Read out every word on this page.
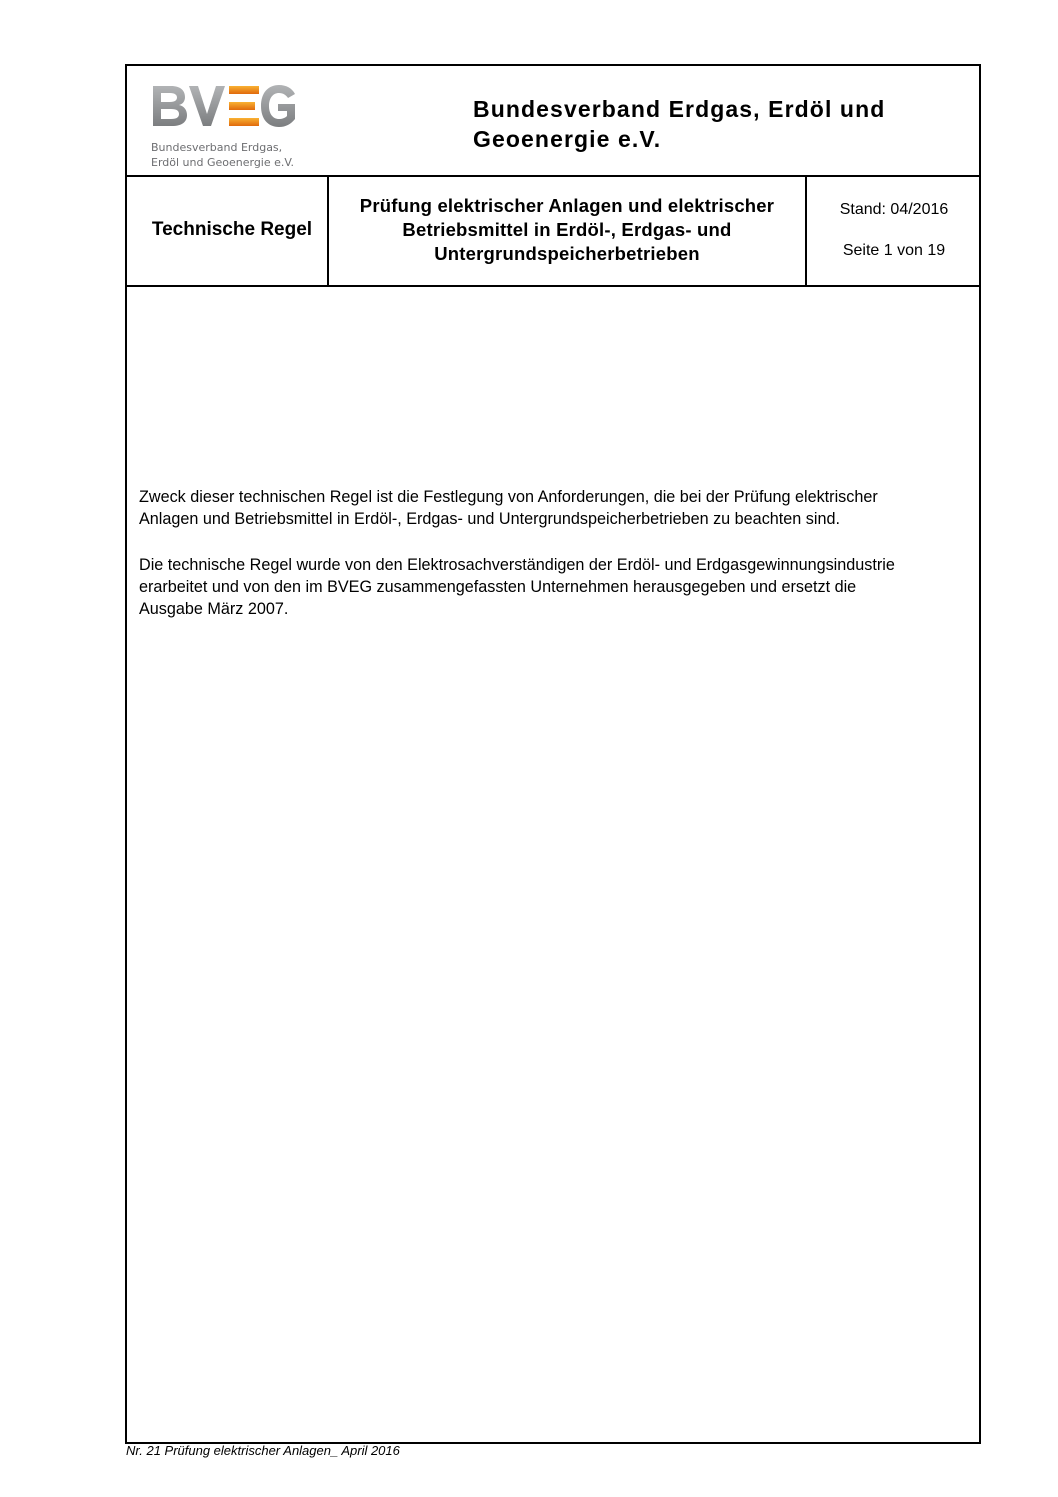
Bundesverband Erdgas,
Erdöl und Geoenergie e.V.
Bundesverband Erdgas, Erdöl und
Geoenergie e.V.
Technische Regel
Prüfung elektrischer Anlagen und elektrischer
Betriebsmittel in Erdöl-, Erdgas- und
Untergrundspeicherbetrieben
Stand: 04/2016
Seite 1 von 19

Zweck dieser technischen Regel ist die Festlegung von Anforderungen, die bei der Prüfung elektrischer
Anlagen und Betriebsmittel in Erdöl-, Erdgas- und Untergrundspeicherbetrieben zu beachten sind.

Die technische Regel wurde von den Elektrosachverständigen der Erdöl- und Erdgasgewinnungsindustrie
erarbeitet und von den im BVEG zusammengefassten Unternehmen herausgegeben und ersetzt die
Ausgabe März 2007.

Nr. 21 Prüfung elektrischer Anlagen_ April 2016
